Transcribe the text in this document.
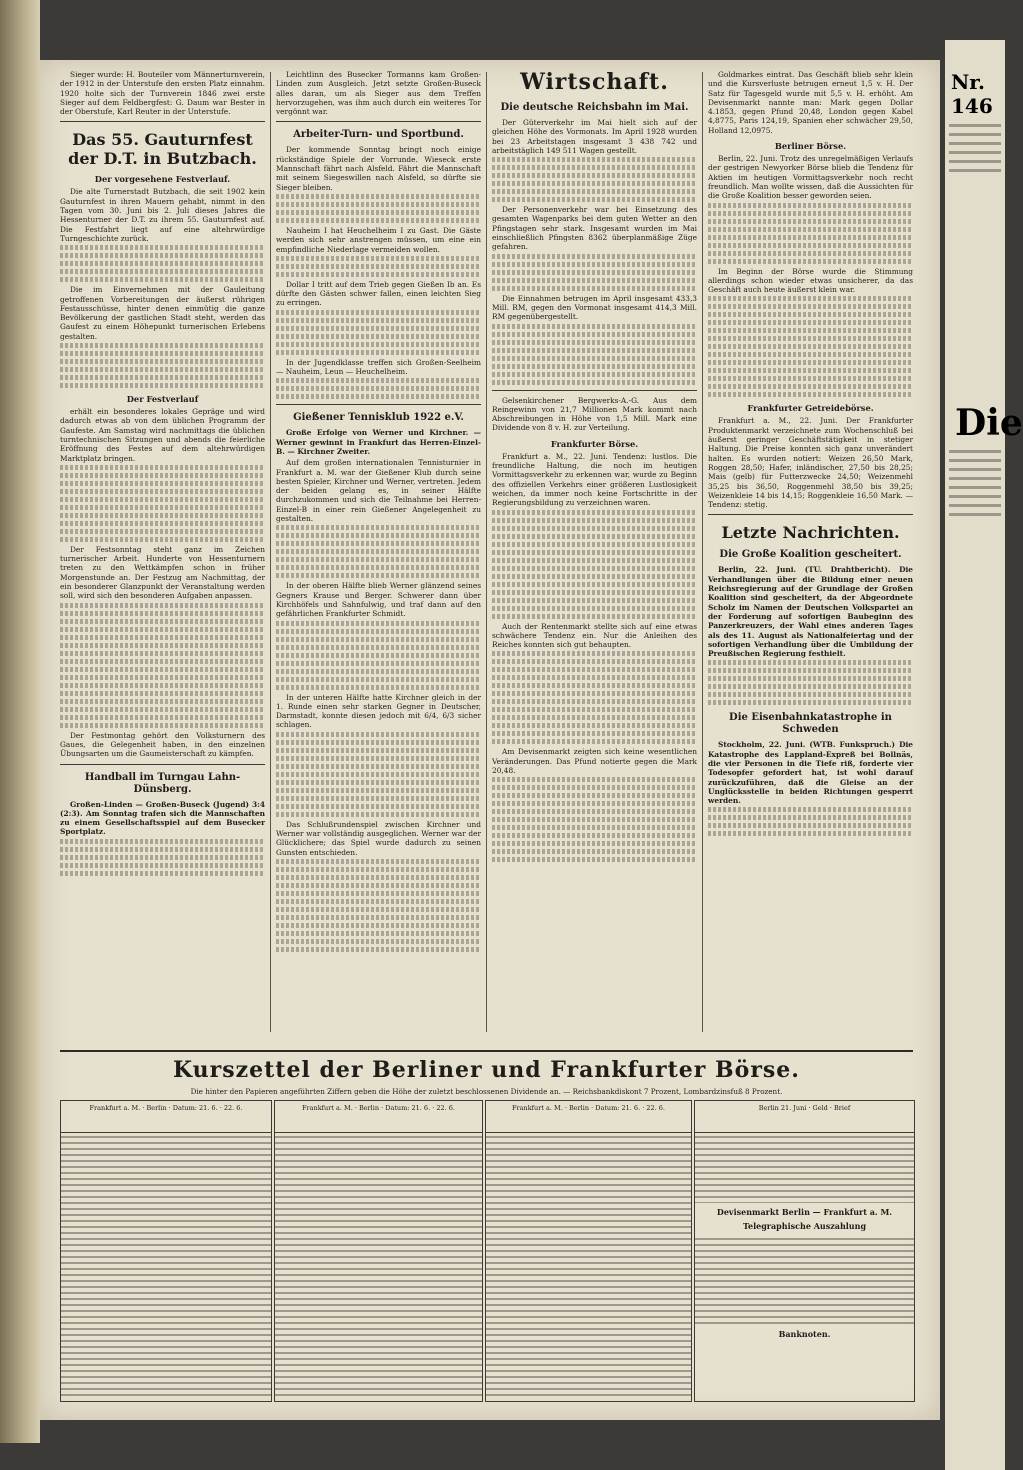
Sieger wurde: H. Bouteiler vom Männerturnverein, der 1912 in der Unterstufe den ersten Platz einnahm. 1920 holte sich der Turnverein 1846 zwei erste Sieger auf dem Feldbergfest: G. Daum war Bester in der Oberstufe, Karl Reuter in der Unterstufe.

Das 55. Gauturnfest der D.T. in Butzbach.
Der vorgesehene Festverlauf.

Die alte Turnerstadt Butzbach, die seit 1902 kein Gauturnfest in ihren Mauern gehabt, nimmt in den Tagen vom 30. Juni bis 2. Juli dieses Jahres die Hessenturner der D.T. zu ihrem 55. Gauturnfest auf. Die Festfahrt liegt auf eine altehrwürdige Turngeschichte zurück.

Die im Einvernehmen mit der Gauleitung getroffenen Vorbereitungen der äußerst rührigen Festausschüsse, hinter denen einmütig die ganze Bevölkerung der gastlichen Stadt steht, werden das Gaufest zu einem Höhepunkt turnerischen Erlebens gestalten.

Der Festverlauf

erhält ein besonderes lokales Gepräge und wird dadurch etwas ab von dem üblichen Programm der Gaufeste. Am Samstag wird nachmittags die üblichen turntechnischen Sitzungen und abends die feierliche Eröffnung des Festes auf dem altehrwürdigen Marktplatz bringen.

Der Festsonntag steht ganz im Zeichen turnerischer Arbeit. Hunderte von Hessenturnern treten zu den Wettkämpfen schon in früher Morgenstunde an. Der Festzug am Nachmittag, der ein besonderer Glanzpunkt der Veranstaltung werden soll, wird sich den besonderen Aufgaben anpassen.

Der Festmontag gehört den Volksturnern des Gaues, die Gelegenheit haben, in den einzelnen Übungsarten um die Gaumeisterschaft zu kämpfen.

Handball im Turngau Lahn-Dünsberg.

Großen-Linden — Großen-Buseck (Jugend) 3:4 (2:3). Am Sonntag trafen sich die Mannschaften zu einem Gesellschaftsspiel auf dem Busecker Sportplatz.

Leichtlinn des Busecker Tormanns kam Großen-Linden zum Ausgleich. Jetzt setzte Großen-Buseck alles daran, um als Sieger aus dem Treffen hervorzugehen, was ihm auch durch ein weiteres Tor vergönnt war.

Arbeiter-Turn- und Sportbund.

Der kommende Sonntag bringt noch einige rückständige Spiele der Vorrunde. Wieseck erste Mannschaft fährt nach Alsfeld. Fährt die Mannschaft mit seinem Siegeswillen nach Alsfeld, so dürfte sie Sieger bleiben.

Nauheim I hat Heuchelheim I zu Gast. Die Gäste werden sich sehr anstrengen müssen, um eine ein empfindliche Niederlage vermeiden wollen.

Dollar I tritt auf dem Trieb gegen Gießen Ib an. Es dürfte den Gästen schwer fallen, einen leichten Sieg zu erringen.

In der Jugendklasse treffen sich Großen-Seelheim — Nauheim, Leun — Heuchelheim.

Gießener Tennisklub 1922 e.V.

Große Erfolge von Werner und Kirchner. — Werner gewinnt in Frankfurt das Herren-Einzel-B. — Kirchner Zweiter.

Auf dem großen internationalen Tennisturnier in Frankfurt a. M. war der Gießener Klub durch seine besten Spieler, Kirchner und Werner, vertreten. Jedem der beiden gelang es, in seiner Hälfte durchzukommen und sich die Teilnahme bei Herren-Einzel-B in einer rein Gießener Angelegenheit zu gestalten.

In der oberen Hälfte blieb Werner glänzend seines Gegners Krause und Berger. Schwerer dann über Kirchhöfels und Sahnfulwig, und traf dann auf den gefährlichen Frankfurter Schmidt.

In der unteren Hälfte hatte Kirchner gleich in der 1. Runde einen sehr starken Gegner in Deutscher, Darmstadt, konnte diesen jedoch mit 6/4, 6/3 sicher schlagen.

Das Schlußrundenspiel zwischen Kirchner und Werner war vollständig ausgeglichen. Werner war der Glücklichere; das Spiel wurde dadurch zu seinen Gunsten entschieden.

Wirtschaft.
Die deutsche Reichsbahn im Mai.

Der Güterverkehr im Mai hielt sich auf der gleichen Höhe des Vormonats. Im April 1928 wurden bei 23 Arbeitstagen insgesamt 3 438 742 und arbeitstäglich 149 511 Wagen gestellt.

Der Personenverkehr war bei Einsetzung des gesamten Wagenparks bei dem guten Wetter an den Pfingstagen sehr stark. Insgesamt wurden im Mai einschließlich Pfingsten 8362 überplanmäßige Züge gefahren.

Die Einnahmen betrugen im April insgesamt 433,3 Mill. RM, gegen den Vormonat insgesamt 414,3 Mill. RM gegenübergestellt.

Gelsenkirchener Bergwerks-A.-G. Aus dem Reingewinn von 21,7 Millionen Mark kommt nach Abschreibungen in Höhe von 1,5 Mill. Mark eine Dividende von 8 v. H. zur Verteilung.

Frankfurter Börse.

Frankfurt a. M., 22. Juni. Tendenz: lustlos. Die freundliche Haltung, die noch im heutigen Vormittagsverkehr zu erkennen war, wurde zu Beginn des offiziellen Verkehrs einer größeren Lustlosigkeit weichen, da immer noch keine Fortschritte in der Regierungsbildung zu verzeichnen waren.

Auch der Rentenmarkt stellte sich auf eine etwas schwächere Tendenz ein. Nur die Anleihen des Reiches konnten sich gut behaupten.

Am Devisenmarkt zeigten sich keine wesentlichen Veränderungen. Das Pfund notierte gegen die Mark 20,48.

Goldmarkes eintrat. Das Geschäft blieb sehr klein und die Kursverluste betrugen erneut 1,5 v. H. Der Satz für Tagesgeld wurde mit 5,5 v. H. erhöht. Am Devisenmarkt nannte man: Mark gegen Dollar 4.1853, gegen Pfund 20,48, London gegen Kabel 4,8775, Paris 124,19, Spanien eher schwächer 29,50, Holland 12,0975.

Berliner Börse.

Berlin, 22. Juni. Trotz des unregelmäßigen Verlaufs der gestrigen Newyorker Börse blieb die Tendenz für Aktien im heutigen Vormittagsverkehr noch recht freundlich. Man wollte wissen, daß die Aussichten für die Große Koalition besser geworden seien.

Im Beginn der Börse wurde die Stimmung allerdings schon wieder etwas unsicherer, da das Geschäft auch heute äußerst klein war.

Frankfurter Getreidebörse.

Frankfurt a. M., 22. Juni. Der Frankfurter Produktenmarkt verzeichnete zum Wochenschluß bei äußerst geringer Geschäftstätigkeit in stetiger Haltung. Die Preise konnten sich ganz unverändert halten. Es wurden notiert: Weizen 26,50 Mark, Roggen 28,50; Hafer, inländischer, 27,50 bis 28,25; Mais (gelb) für Futterzwecke 24,50; Weizenmehl 35,25 bis 36,50, Roggenmehl 38,50 bis 39,25; Weizenkleie 14 bis 14,15; Roggenkleie 16,50 Mark. — Tendenz: stetig.

Letzte Nachrichten.
Die Große Koalition gescheitert.

Berlin, 22. Juni. (TU. Drahtbericht). Die Verhandlungen über die Bildung einer neuen Reichsregierung auf der Grundlage der Großen Koalition sind gescheitert, da der Abgeordnete Scholz im Namen der Deutschen Volkspartei an der Forderung auf sofortigen Baubeginn des Panzerkreuzers, der Wahl eines anderen Tages als des 11. August als Nationalfeiertag und der sofortigen Verhandlung über die Umbildung der Preußischen Regierung festhielt.

Die Eisenbahnkatastrophe in Schweden

Stockholm, 22. Juni. (WTB. Funkspruch.) Die Katastrophe des Lappland-Expreß bei Bollnäs, die vier Personen in die Tiefe riß, forderte vier Todesopfer gefordert hat, ist wohl darauf zurückzuführen, daß die Gleise an der Unglücksstelle in beiden Richtungen gesperrt werden.

Kurszettel der Berliner und Frankfurter Börse.
Die hinter den Papieren angeführten Ziffern geben die Höhe der zuletzt beschlossenen Dividende an. — Reichsbankdiskont 7 Prozent, Lombardzinsfuß 8 Prozent.
Frankfurt a. M. · Berlin · Datum: 21. 6. · 22. 6.	Frankfurt a. M. · Berlin · Datum: 21. 6. · 22. 6.	Frankfurt a. M. · Berlin · Datum: 21. 6. · 22. 6.	Berlin 21. Juni · Geld · Brief
Devisenmarkt Berlin — Frankfurt a. M.
Telegraphische Auszahlung
Banknoten.
Nr. 146
Die
